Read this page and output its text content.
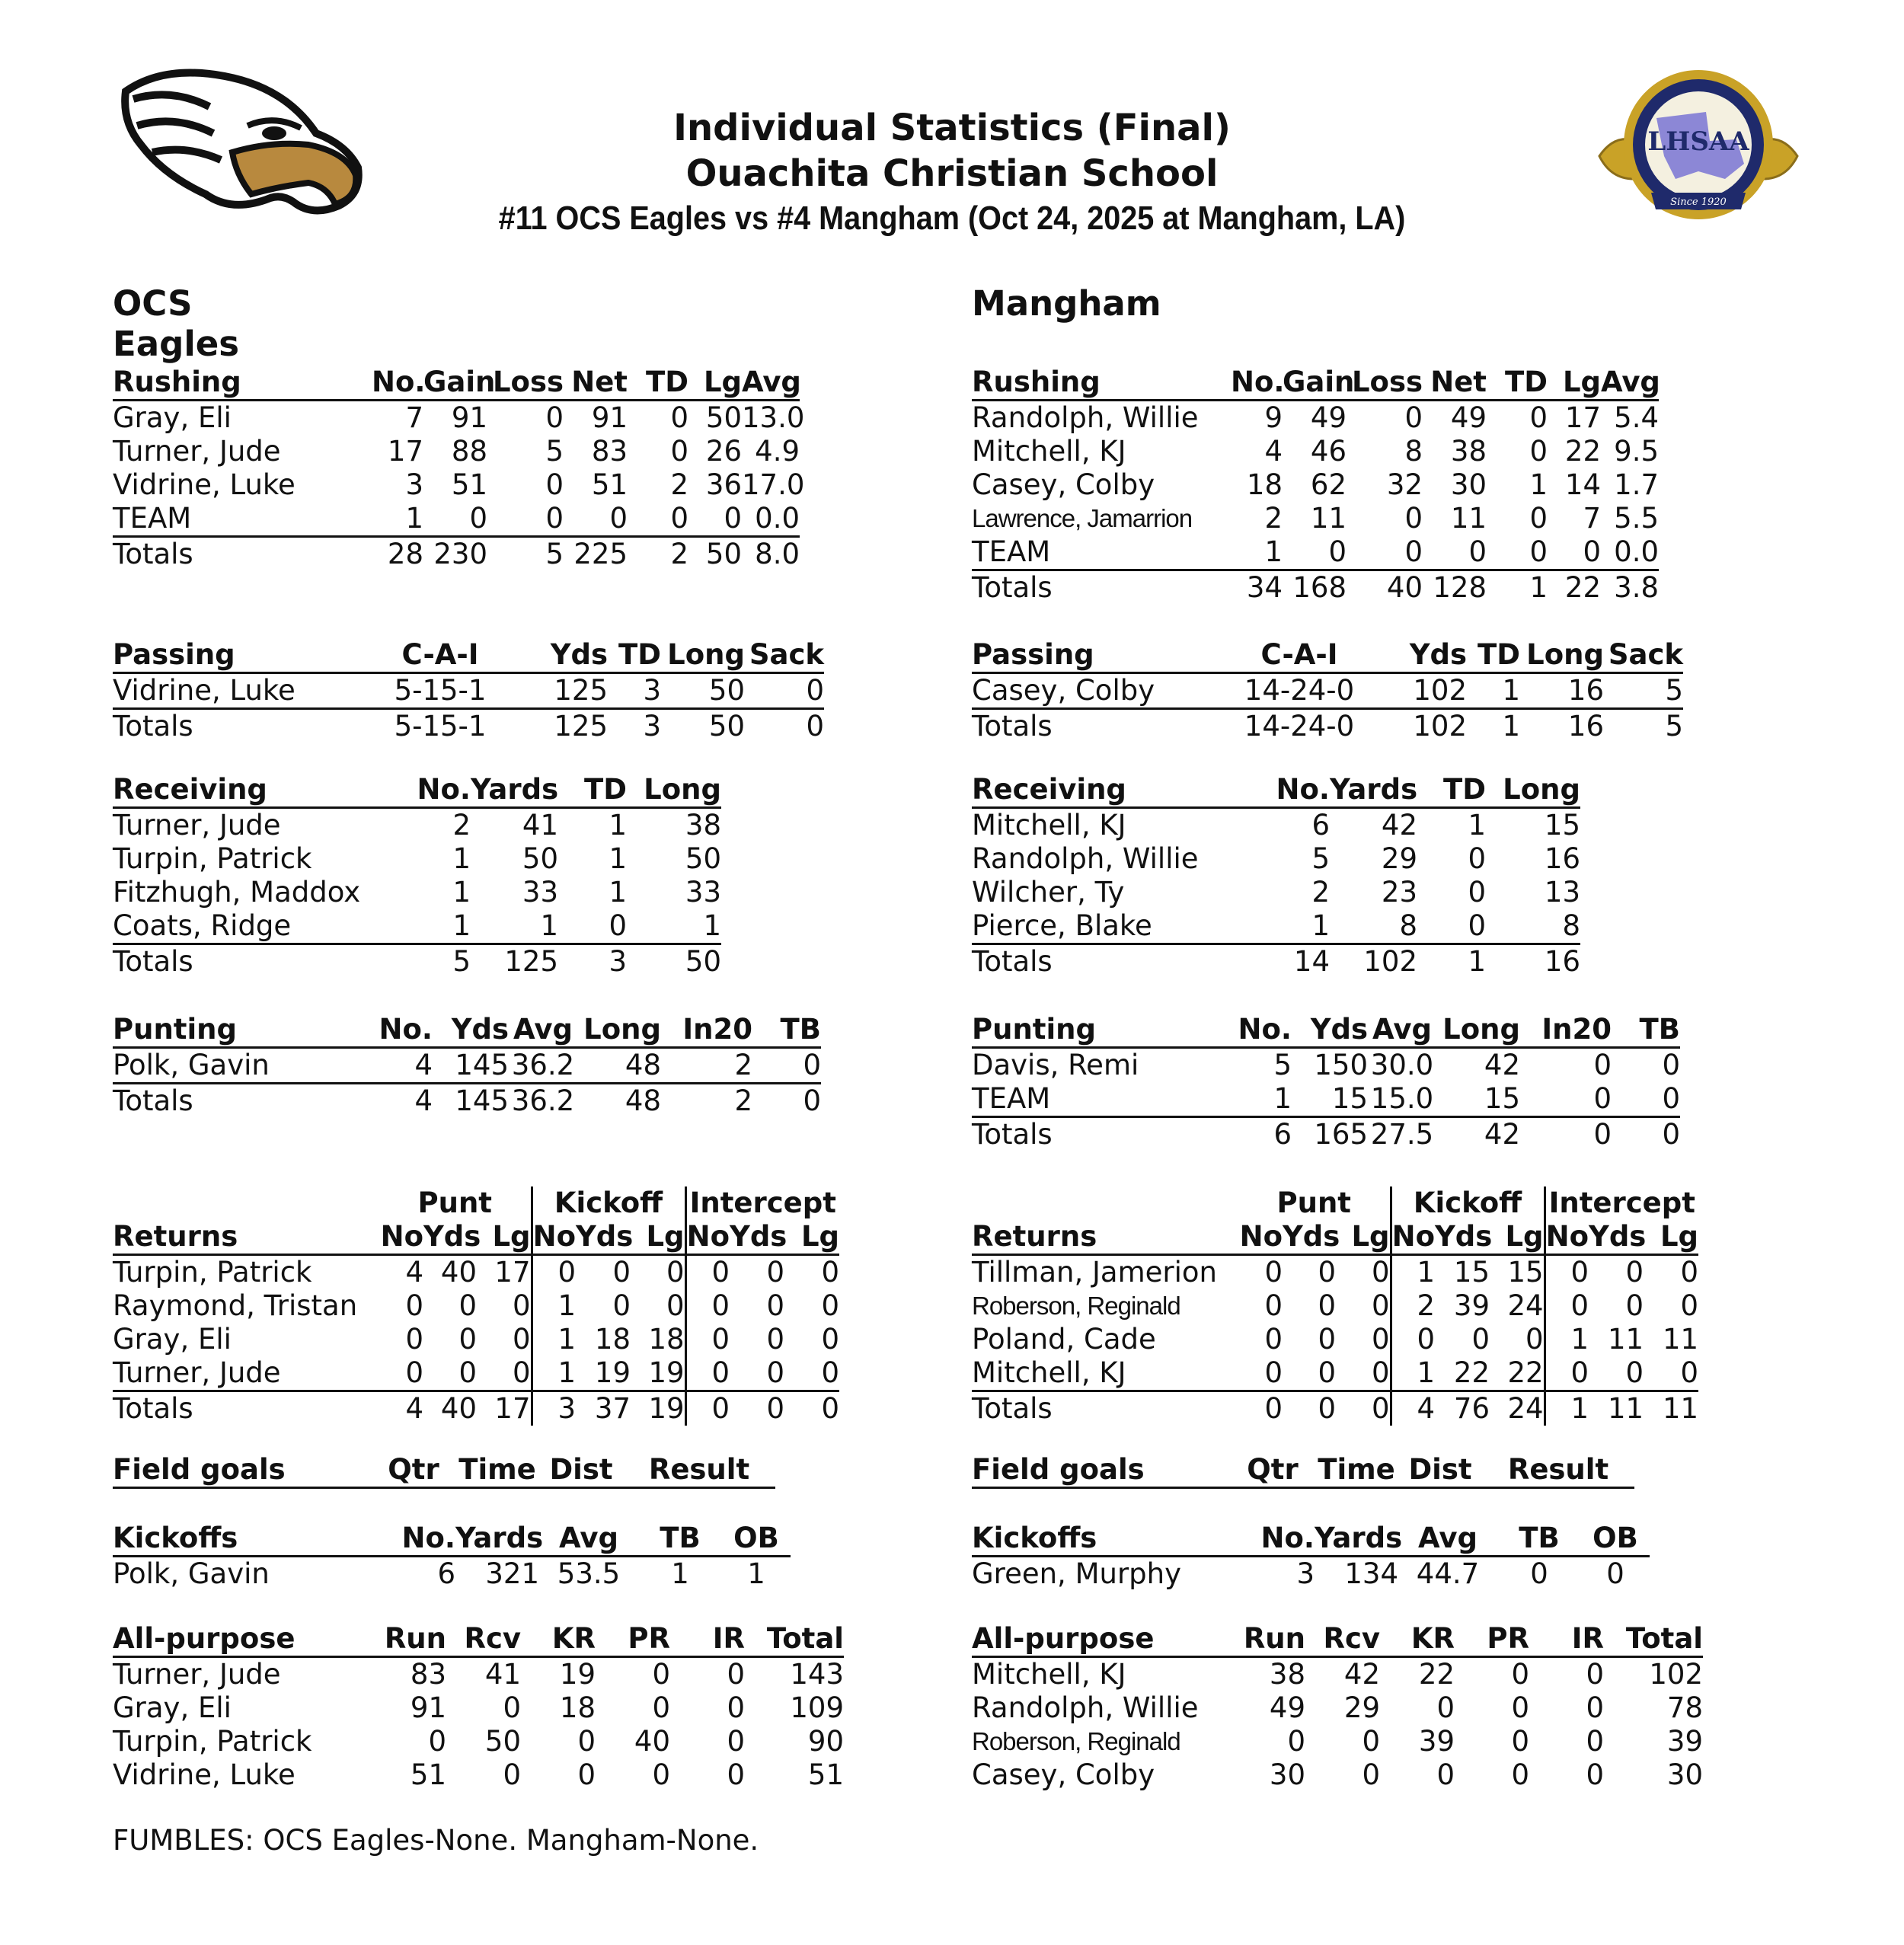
LHSAA
Since 1920
Individual Statistics (Final)
Ouachita Christian School
#11 OCS Eagles vs #4 Mangham (Oct 24, 2025 at Mangham, LA)
OCS Eagles
Rushing	No.	Gain	Loss	Net	TD	Lg	Avg
Gray, Eli	7	91	0	91	0	50	13.0
Turner, Jude	17	88	5	83	0	26	4.9
Vidrine, Luke	3	51	0	51	2	36	17.0
TEAM	1	0	0	0	0	0	0.0
Totals	28	230	5	225	2	50	8.0
Passing	C-A-I	Yds	TD	Long	Sack
Vidrine, Luke	5-15-1	125	3	50	0
Totals	5-15-1	125	3	50	0
Receiving	No.	Yards	TD	Long
Turner, Jude	2	41	1	38
Turpin, Patrick	1	50	1	50
Fitzhugh, Maddox	1	33	1	33
Coats, Ridge	1	1	0	1
Totals	5	125	3	50
Punting	No.	Yds	Avg	Long	In20	TB
Polk, Gavin	4	145	36.2	48	2	0
Totals	4	145	36.2	48	2	0
	Punt			Kickoff			Intercept		
Returns	No	Yds	Lg	No	Yds	Lg	No	Yds	Lg
Turpin, Patrick	4	40	17	0	0	0	0	0	0
Raymond, Tristan	0	0	0	1	0	0	0	0	0
Gray, Eli	0	0	0	1	18	18	0	0	0
Turner, Jude	0	0	0	1	19	19	0	0	0
Totals	4	40	17	3	37	19	0	0	0
Field goals	Qtr	Time	Dist	Result
Kickoffs	No.	Yards	Avg	TB	OB
Polk, Gavin	6	321	53.5	1	1
All-purpose	Run	Rcv	KR	PR	IR	Total
Turner, Jude	83	41	19	0	0	143
Gray, Eli	91	0	18	0	0	109
Turpin, Patrick	0	50	0	40	0	90
Vidrine, Luke	51	0	0	0	0	51
Mangham
Rushing	No.	Gain	Loss	Net	TD	Lg	Avg
Randolph, Willie	9	49	0	49	0	17	5.4
Mitchell, KJ	4	46	8	38	0	22	9.5
Casey, Colby	18	62	32	30	1	14	1.7
Lawrence, Jamarrion	2	11	0	11	0	7	5.5
TEAM	1	0	0	0	0	0	0.0
Totals	34	168	40	128	1	22	3.8
Passing	C-A-I	Yds	TD	Long	Sack
Casey, Colby	14-24-0	102	1	16	5
Totals	14-24-0	102	1	16	5
Receiving	No.	Yards	TD	Long
Mitchell, KJ	6	42	1	15
Randolph, Willie	5	29	0	16
Wilcher, Ty	2	23	0	13
Pierce, Blake	1	8	0	8
Totals	14	102	1	16
Punting	No.	Yds	Avg	Long	In20	TB
Davis, Remi	5	150	30.0	42	0	0
TEAM	1	15	15.0	15	0	0
Totals	6	165	27.5	42	0	0
	Punt			Kickoff			Intercept		
Returns	No	Yds	Lg	No	Yds	Lg	No	Yds	Lg
Tillman, Jamerion	0	0	0	1	15	15	0	0	0
Roberson, Reginald	0	0	0	2	39	24	0	0	0
Poland, Cade	0	0	0	0	0	0	1	11	11
Mitchell, KJ	0	0	0	1	22	22	0	0	0
Totals	0	0	0	4	76	24	1	11	11
Field goals	Qtr	Time	Dist	Result
Kickoffs	No.	Yards	Avg	TB	OB
Green, Murphy	3	134	44.7	0	0
All-purpose	Run	Rcv	KR	PR	IR	Total
Mitchell, KJ	38	42	22	0	0	102
Randolph, Willie	49	29	0	0	0	78
Roberson, Reginald	0	0	39	0	0	39
Casey, Colby	30	0	0	0	0	30
FUMBLES: OCS Eagles-None. Mangham-None.
